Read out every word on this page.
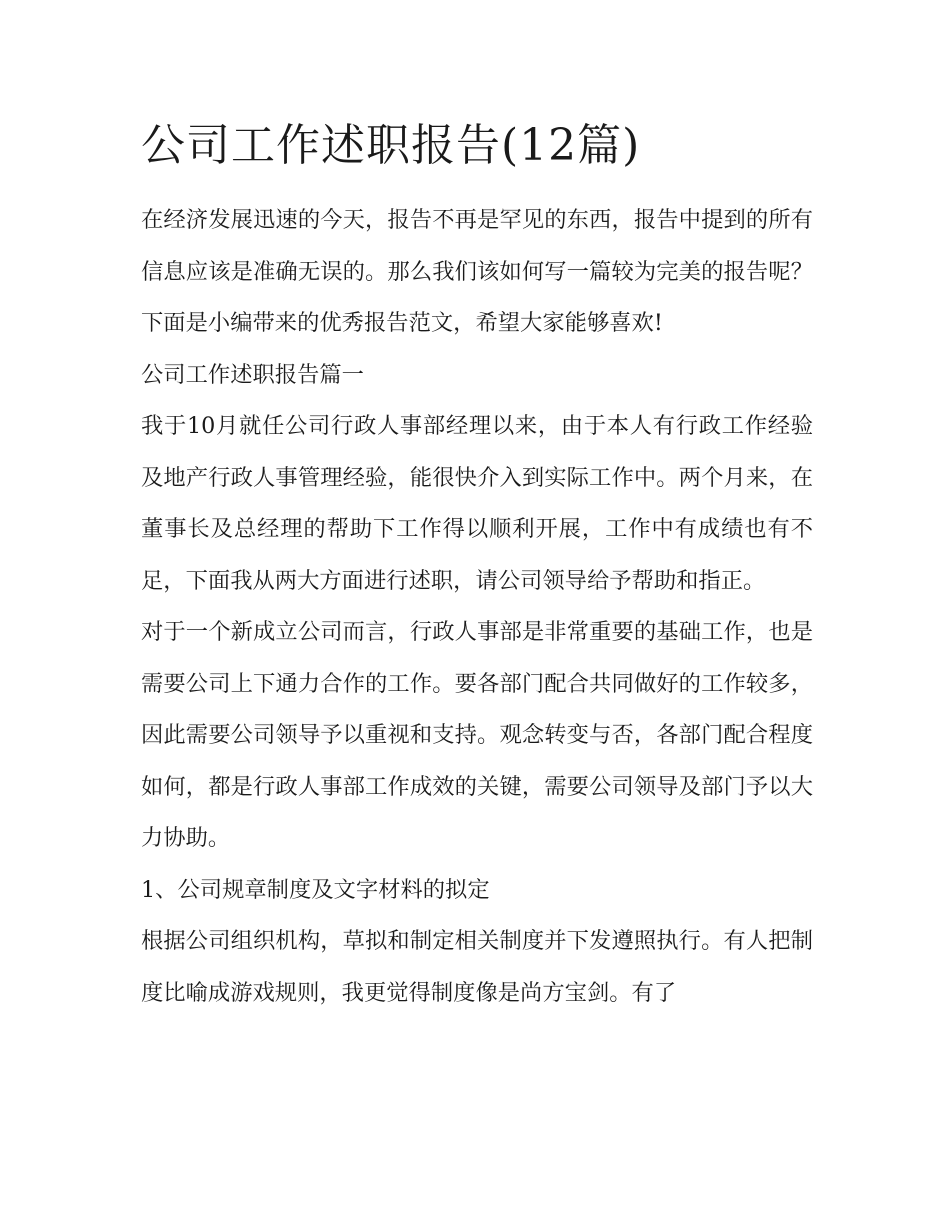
公司工作述职报告(12篇)

在经济发展迅速的今天，报告不再是罕见的东西，报告中提到的所有信息应该是准确无误的。那么我们该如何写一篇较为完美的报告呢？下面是小编带来的优秀报告范文，希望大家能够喜欢!

公司工作述职报告篇一

我于10月就任公司行政人事部经理以来，由于本人有行政工作经验及地产行政人事管理经验，能很快介入到实际工作中。两个月来，在董事长及总经理的帮助下工作得以顺利开展，工作中有成绩也有不足，下面我从两大方面进行述职，请公司领导给予帮助和指正。

对于一个新成立公司而言，行政人事部是非常重要的基础工作，也是需要公司上下通力合作的工作。要各部门配合共同做好的工作较多，因此需要公司领导予以重视和支持。观念转变与否，各部门配合程度如何，都是行政人事部工作成效的关键，需要公司领导及部门予以大力协助。

1、公司规章制度及文字材料的拟定

根据公司组织机构，草拟和制定相关制度并下发遵照执行。有人把制度比喻成游戏规则，我更觉得制度像是尚方宝剑。有了
